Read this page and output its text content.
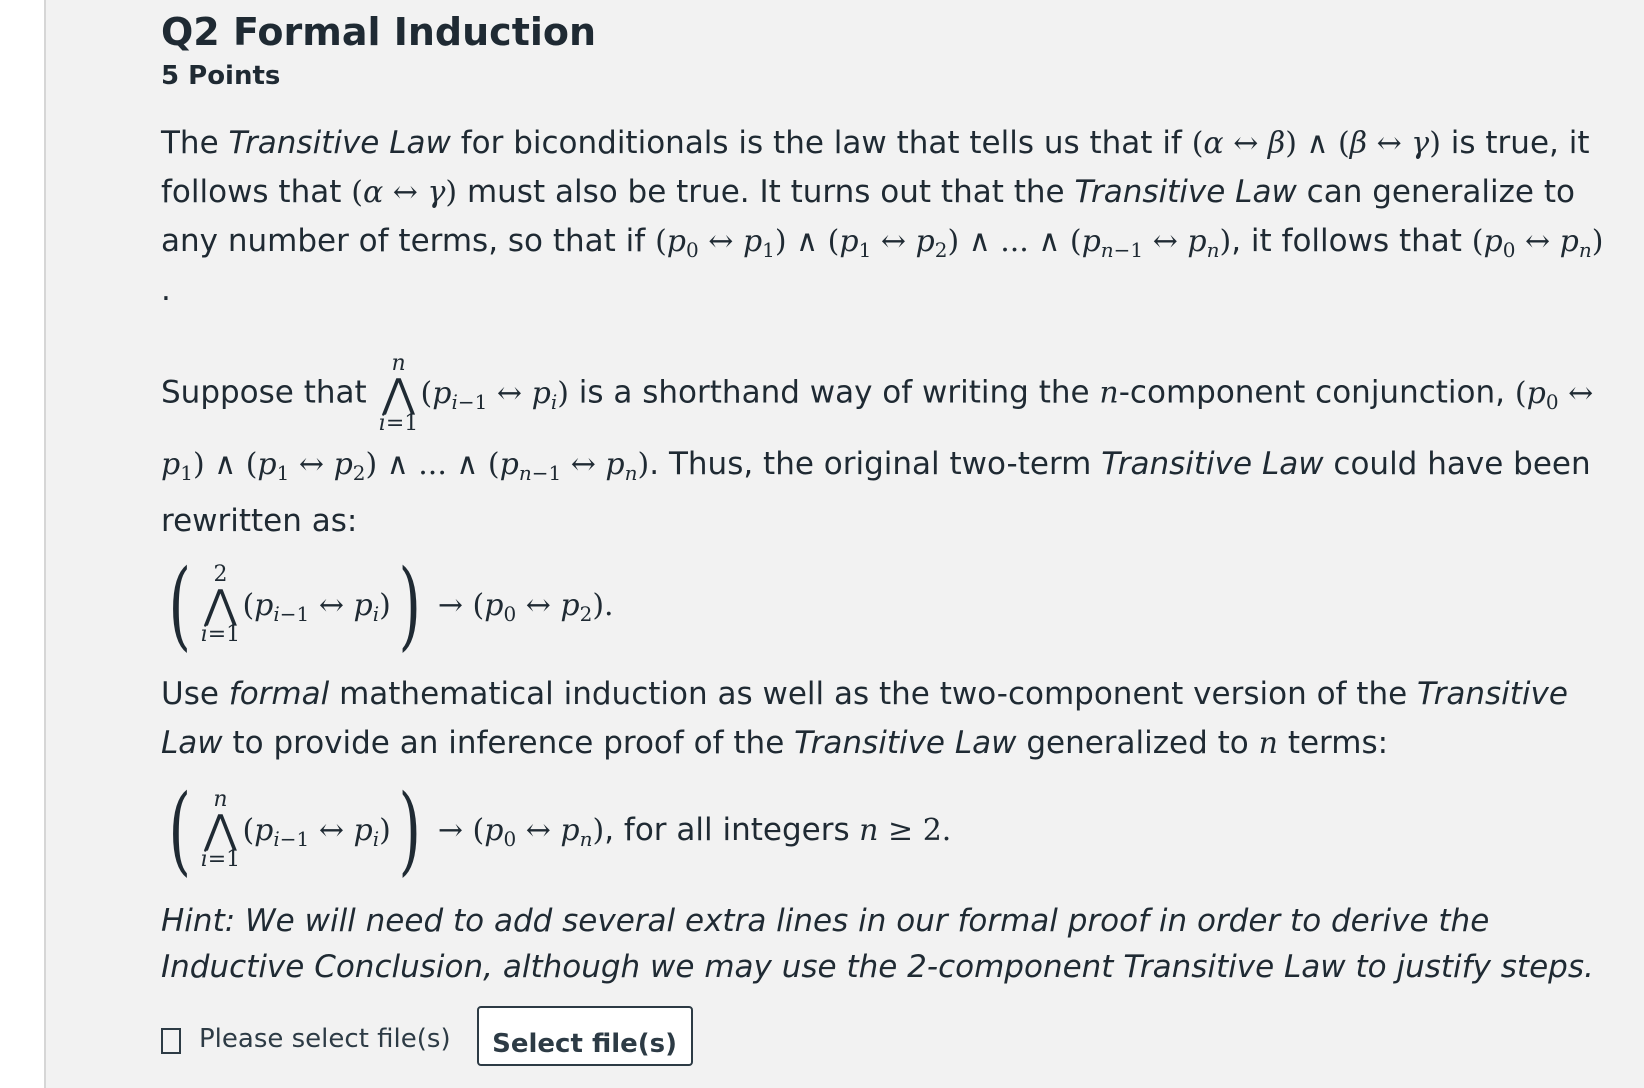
Q2 Formal Induction
5 Points

The Transitive Law for biconditionals is the law that tells us that if (α ↔ β) ∧ (β ↔ γ) is true, it follows that (α ↔ γ) must also be true. It turns out that the Transitive Law can generalize to any number of terms, so that if ($p_0$ ↔ $p_1$) ∧ ($p_1$ ↔ $p_2$) ∧ ... ∧ ($p_{n-1}$ ↔ $p_n$), it follows that ($p_0$ ↔ $p_n$)

.

Suppose that
n
⋀
i=1
($p_{i-1}$ ↔ $p_i$) is a shorthand way of writing the n-component conjunction, ($p_0$ ↔ $p_1$) ∧ ($p_1$ ↔ $p_2$) ∧ ... ∧ ($p_{n-1}$ ↔ $p_n$). Thus, the original two-term Transitive Law could have been rewritten as:

(	2
⋀
i=1
($p_{i-1}$ ↔ $p_i$) ) → ($p_0$ ↔ $p_2$).

Use formal mathematical induction as well as the two-component version of the Transitive Law to provide an inference proof of the Transitive Law generalized to n terms:

(	n
⋀
i=1
($p_{i-1}$ ↔ $p_i$) ) → ($p_0$ ↔ $p_n$) , for all integers n ≥ 2.
Hint: We will need to add several extra lines in our formal proof in order to derive the Inductive Conclusion, although we may use the 2-component Transitive Law to justify steps.
Please select file(s)	Select file(s)
